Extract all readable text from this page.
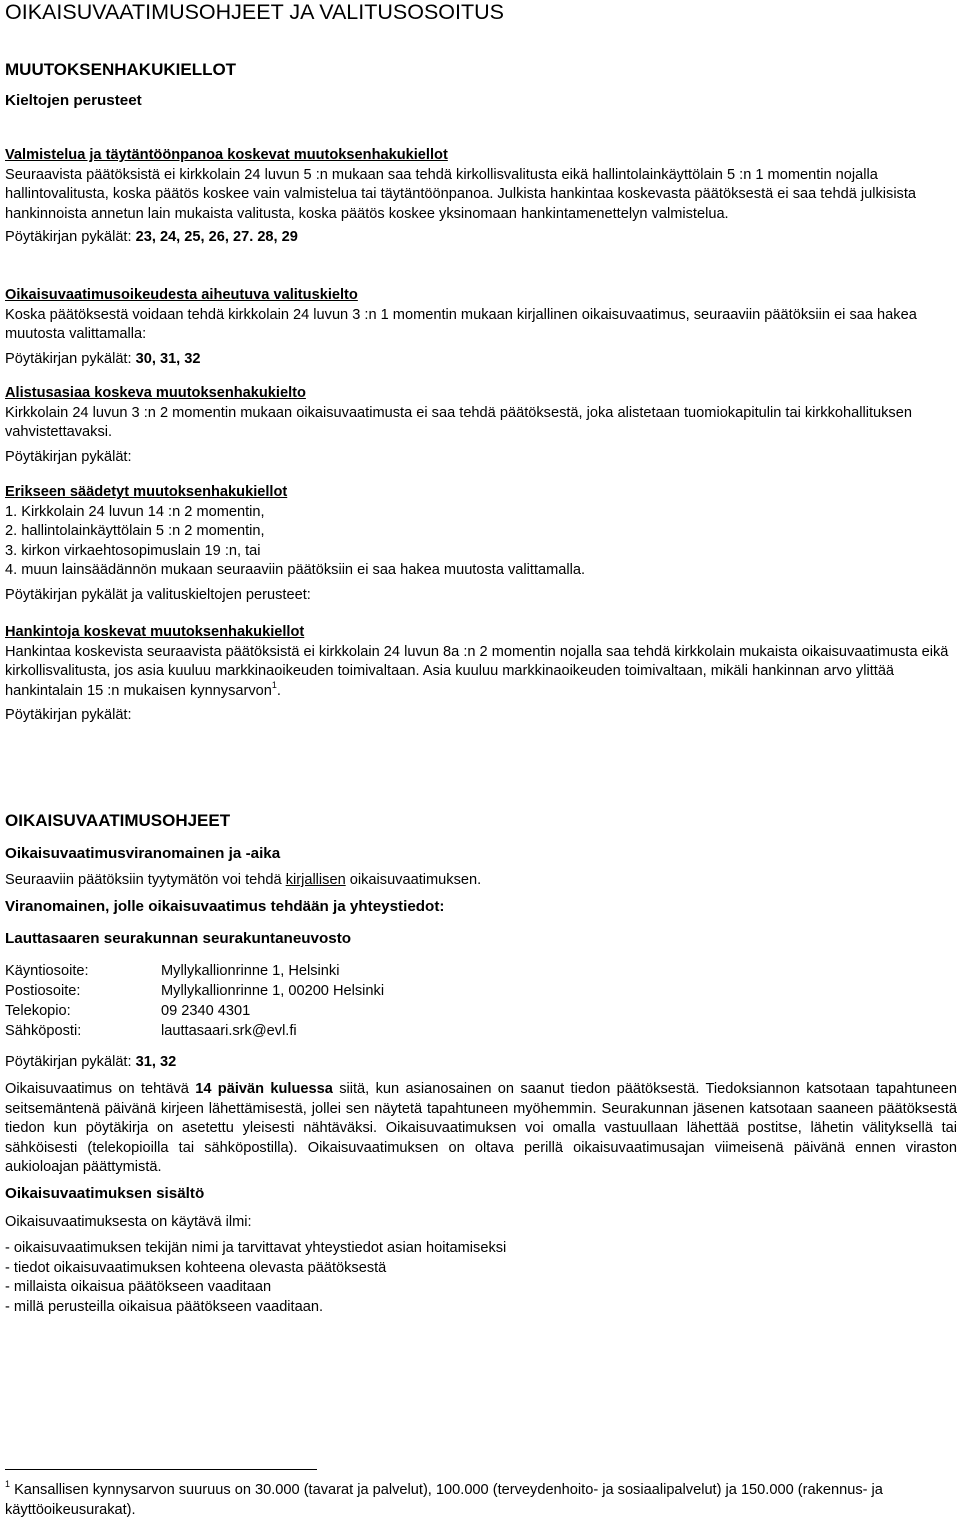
OIKAISUVAATIMUSOHJEET JA VALITUSOSOITUS
MUUTOKSENHAKUKIELLOT
Kieltojen perusteet

Valmistelua ja täytäntöönpanoa koskevat muutoksenhakukiellot

Seuraavista päätöksistä ei kirkkolain 24 luvun 5 :n mukaan saa tehdä kirkollisvalitusta eikä hallintolainkäyttölain 5 :n 1 momentin nojalla hallintovalitusta, koska päätös koskee vain valmistelua tai täytäntöönpanoa. Julkista hankintaa koskevasta päätöksestä ei saa tehdä julkisista hankinnoista annetun lain mukaista valitusta, koska päätös koskee yksinomaan hankintamenettelyn valmistelua.

Pöytäkirjan pykälät: 23, 24, 25, 26, 27. 28, 29

Oikaisuvaatimusoikeudesta aiheutuva valituskielto

Koska päätöksestä voidaan tehdä kirkkolain 24 luvun 3 :n 1 momentin mukaan kirjallinen oikaisuvaatimus, seuraaviin päätöksiin ei saa hakea muutosta valittamalla:

Pöytäkirjan pykälät: 30, 31, 32

Alistusasiaa koskeva muutoksenhakukielto

Kirkkolain 24 luvun 3 :n 2 momentin mukaan oikaisuvaatimusta ei saa tehdä päätöksestä, joka alistetaan tuomiokapitulin tai kirkkohallituksen vahvistettavaksi.

Pöytäkirjan pykälät:

Erikseen säädetyt muutoksenhakukiellot

1. Kirkkolain 24 luvun 14 :n 2 momentin,

2. hallintolainkäyttölain 5 :n 2 momentin,

3. kirkon virkaehtosopimuslain 19 :n, tai

4. muun lainsäädännön mukaan seuraaviin päätöksiin ei saa hakea muutosta valittamalla.

Pöytäkirjan pykälät ja valituskieltojen perusteet:

Hankintoja koskevat muutoksenhakukiellot

Hankintaa koskevista seuraavista päätöksistä ei kirkkolain 24 luvun 8a :n 2 momentin nojalla saa tehdä kirkkolain mukaista oikaisuvaatimusta eikä kirkollisvalitusta, jos asia kuuluu markkinaoikeuden toimivaltaan. Asia kuuluu markkinaoikeuden toimivaltaan, mikäli hankinnan arvo ylittää hankintalain 15 :n mukaisen kynnysarvon$^1$.

Pöytäkirjan pykälät:

OIKAISUVAATIMUSOHJEET
Oikaisuvaatimusviranomainen ja -aika
Seuraaviin päätöksiin tyytymätön voi tehdä kirjallisen oikaisuvaatimuksen.
Viranomainen, jolle oikaisuvaatimus tehdään ja yhteystiedot:
Lauttasaaren seurakunnan seurakuntaneuvosto
Käyntiosoite:	Myllykallionrinne 1, Helsinki
Postiosoite:	Myllykallionrinne 1, 00200 Helsinki
Telekopio:	09 2340 4301
Sähköposti:	lauttasaari.srk@evl.fi
Pöytäkirjan pykälät: 31, 32
Oikaisuvaatimus on tehtävä 14 päivän kuluessa siitä, kun asianosainen on saanut tiedon päätöksestä. Tiedoksiannon katsotaan tapahtuneen seitsemäntenä päivänä kirjeen lähettämisestä, jollei sen näytetä tapahtuneen myöhemmin. Seurakunnan jäsenen katsotaan saaneen päätöksestä tiedon kun pöytäkirja on asetettu yleisesti nähtäväksi. Oikaisuvaatimuksen voi omalla vastuullaan lähettää postitse, lähetin välityksellä tai sähköisesti (telekopioilla tai sähköpostilla). Oikaisuvaatimuksen on oltava perillä oikaisuvaatimusajan viimeisenä päivänä ennen viraston aukioloajan päättymistä.
Oikaisuvaatimuksen sisältö
Oikaisuvaatimuksesta on käytävä ilmi:

- oikaisuvaatimuksen tekijän nimi ja tarvittavat yhteystiedot asian hoitamiseksi

- tiedot oikaisuvaatimuksen kohteena olevasta päätöksestä

- millaista oikaisua päätökseen vaaditaan

- millä perusteilla oikaisua päätökseen vaaditaan.

$^1$ Kansallisen kynnysarvon suuruus on 30.000 (tavarat ja palvelut), 100.000 (terveydenhoito- ja sosiaalipalvelut) ja 150.000 (rakennus- ja käyttöoikeusurakat).
